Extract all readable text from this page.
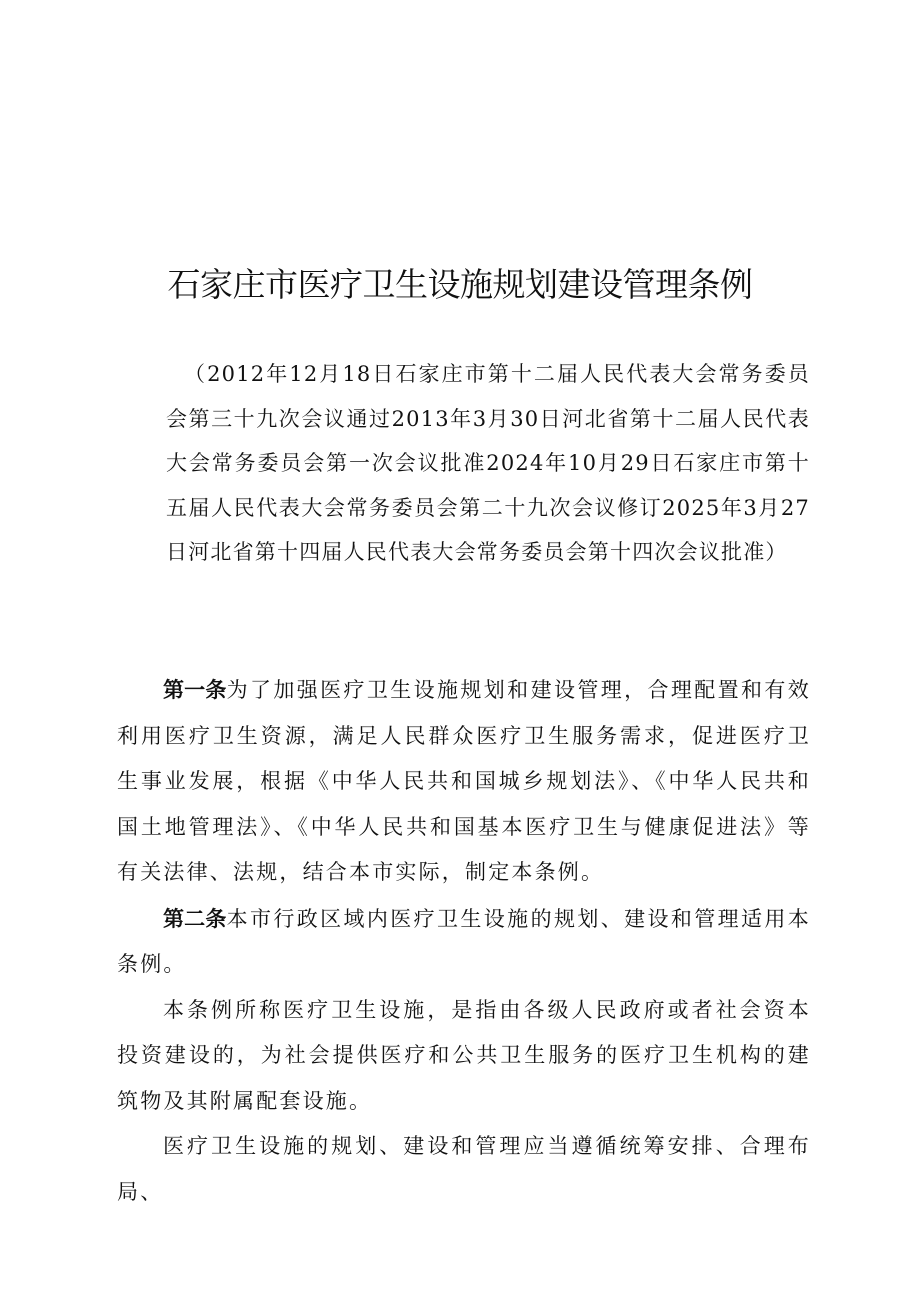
石家庄市医疗卫生设施规划建设管理条例
（2012年12月18日石家庄市第十二届人民代表大会常务委员会第三十九次会议通过2013年3月30日河北省第十二届人民代表大会常务委员会第一次会议批准2024年10月29日石家庄市第十五届人民代表大会常务委员会第二十九次会议修订2025年3月27日河北省第十四届人民代表大会常务委员会第十四次会议批准）

第一条为了加强医疗卫生设施规划和建设管理，合理配置和有效利用医疗卫生资源，满足人民群众医疗卫生服务需求，促进医疗卫生事业发展，根据《中华人民共和国城乡规划法》、《中华人民共和国土地管理法》、《中华人民共和国基本医疗卫生与健康促进法》等有关法律、法规，结合本市实际，制定本条例。

第二条本市行政区域内医疗卫生设施的规划、建设和管理适用本条例。

本条例所称医疗卫生设施，是指由各级人民政府或者社会资本投资建设的，为社会提供医疗和公共卫生服务的医疗卫生机构的建筑物及其附属配套设施。

医疗卫生设施的规划、建设和管理应当遵循统筹安排、合理布局、
